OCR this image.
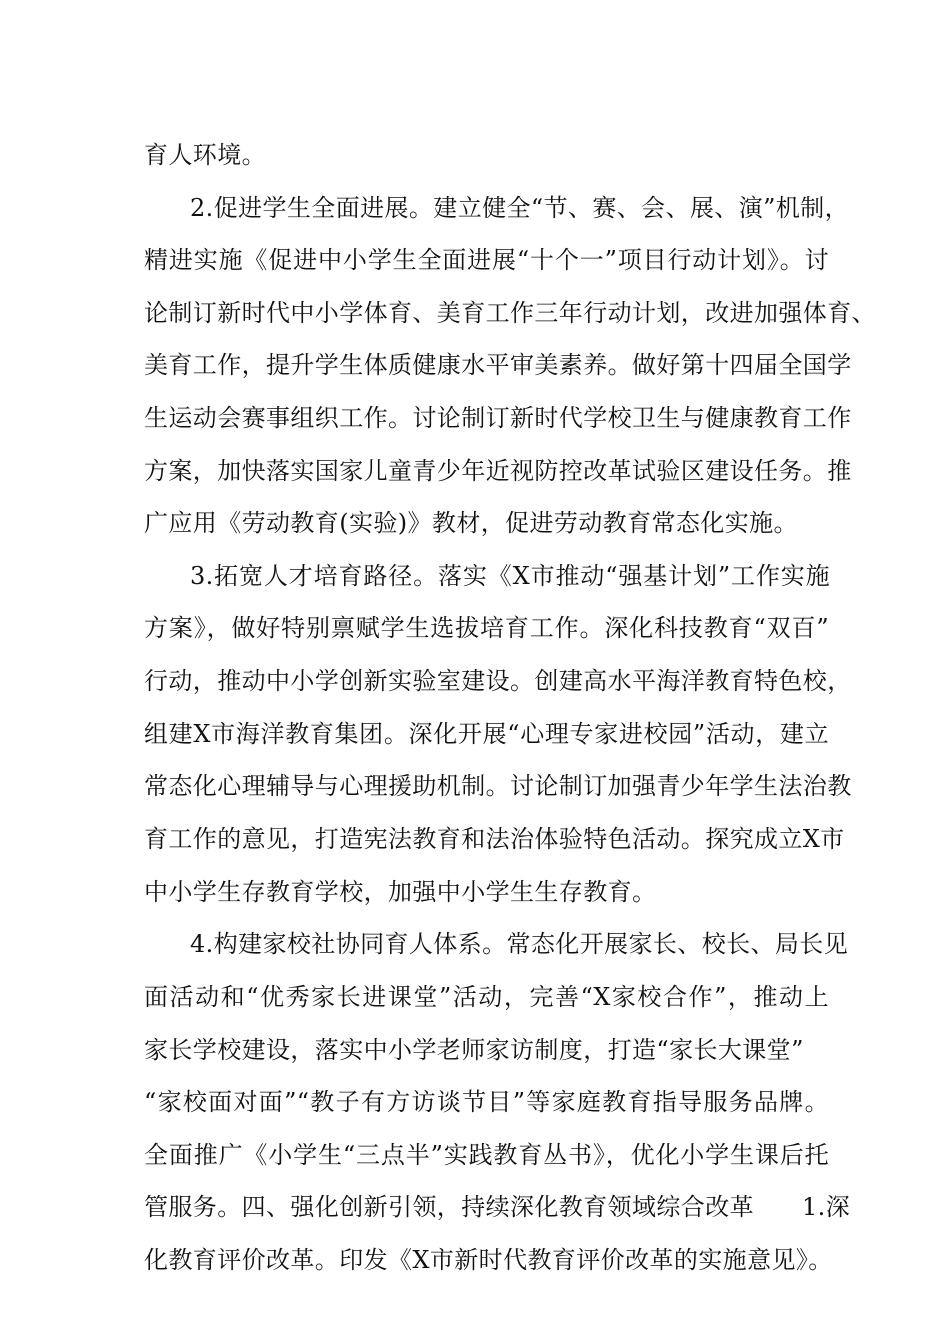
育人环境。
2.促进学生全面进展。建立健全“节、赛、会、展、演”机制，
精进实施《促进中小学生全面进展“十个一”项目行动计划》。讨
论制订新时代中小学体育、美育工作三年行动计划，改进加强体育、
美育工作，提升学生体质健康水平审美素养。做好第十四届全国学
生运动会赛事组织工作。讨论制订新时代学校卫生与健康教育工作
方案，加快落实国家儿童青少年近视防控改革试验区建设任务。推
广应用《劳动教育(实验)》教材，促进劳动教育常态化实施。
3.拓宽人才培育路径。落实《X市推动“强基计划”工作实施
方案》，做好特别禀赋学生选拔培育工作。深化科技教育“双百”
行动，推动中小学创新实验室建设。创建高水平海洋教育特色校，
组建X市海洋教育集团。深化开展“心理专家进校园”活动，建立
常态化心理辅导与心理援助机制。讨论制订加强青少年学生法治教
育工作的意见，打造宪法教育和法治体验特色活动。探究成立X市
中小学生存教育学校，加强中小学生生存教育。
4.构建家校社协同育人体系。常态化开展家长、校长、局长见
面活动和“优秀家长进课堂”活动，完善“X家校合作”，推动上
家长学校建设，落实中小学老师家访制度，打造“家长大课堂”
“家校面对面”“教子有方访谈节目”等家庭教育指导服务品牌。
全面推广《小学生“三点半”实践教育丛书》，优化小学生课后托
管服务。四、强化创新引领，持续深化教育领域综合改革 1.深
化教育评价改革。印发《X市新时代教育评价改革的实施意见》。
